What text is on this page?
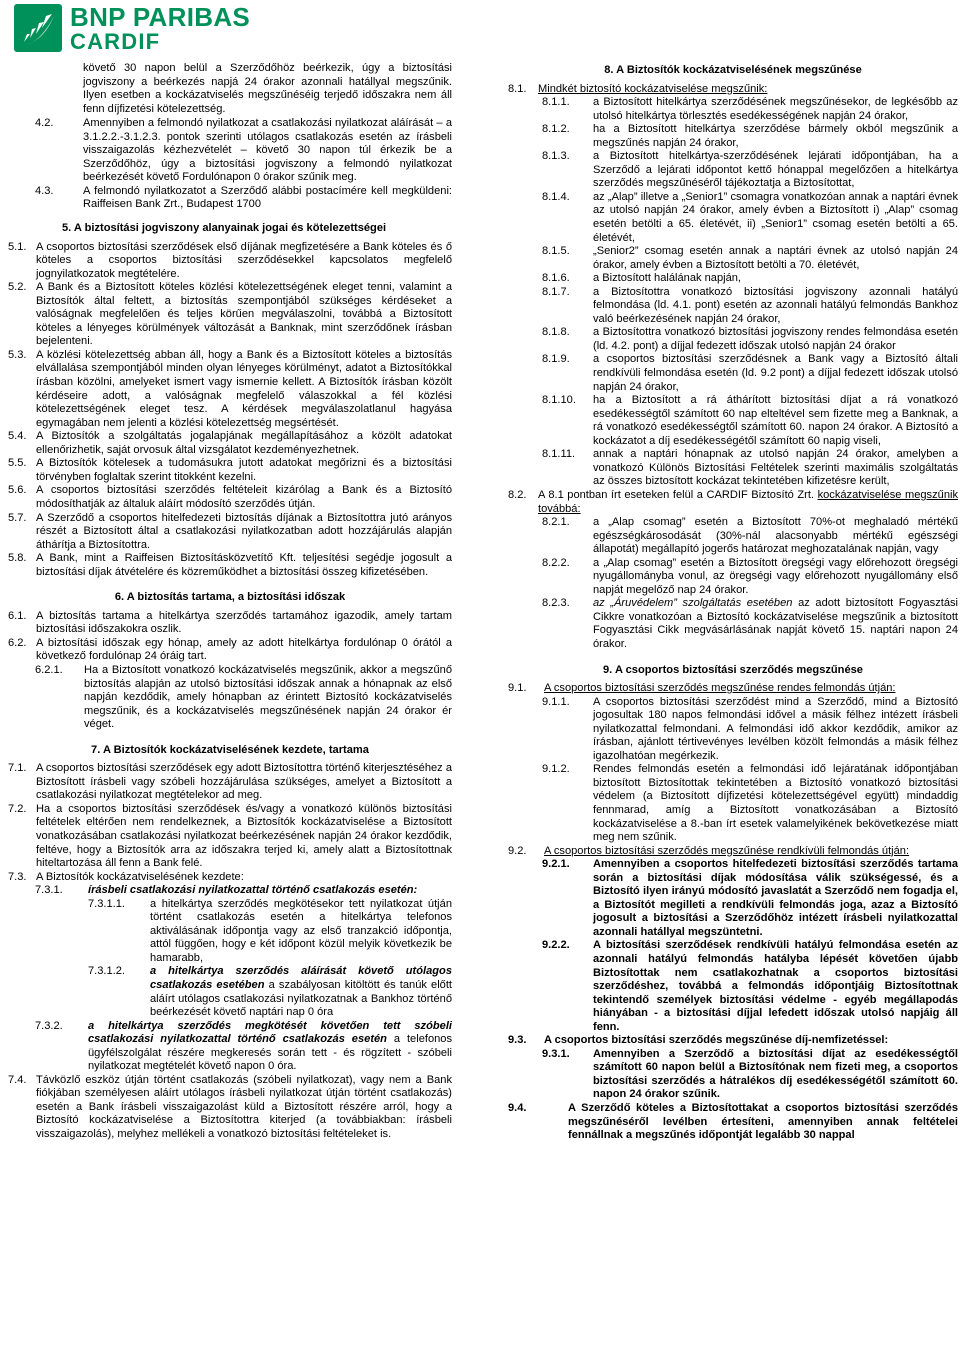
BNP PARIBAS
CARDIF

követő 30 napon belül a Szerződőhöz beérkezik, úgy a biztosítási jogviszony a beérkezés napjá 24 órakor azonnali hatállyal megszűnik. Ilyen esetben a kockázatviselés megszűnéséig terjedő időszakra nem áll fenn díjfizetési kötelezettség.

4.2.	Amennyiben a felmondó nyilatkozat a csatlakozási nyilatkozat aláírását – a 3.1.2.2.-3.1.2.3. pontok szerinti utólagos csatlakozás esetén az írásbeli visszaigazolás kézhezvételét – követő 30 napon túl érkezik be a Szerződőhöz, úgy a biztosítási jogviszony a felmondó nyilatkozat beérkezését követő Fordulónapon 0 órakor szűnik meg.
4.3.	A felmondó nyilatkozatot a Szerződő alábbi postacímére kell megküldeni: Raiffeisen Bank Zrt., Budapest 1700
5. A biztosítási jogviszony alanyainak jogai és kötelezettségei
5.1. A csoportos biztosítási szerződések első díjának megfizetésére a Bank köteles és ő köteles a csoportos biztosítási szerződésekkel kapcsolatos megfelelő jognyilatkozatok megtételére.
5.2. A Bank és a Biztosított köteles közlési kötelezettségének eleget tenni, valamint a Biztosítók által feltett, a biztosítás szempontjából szükséges kérdéseket a valóságnak megfelelően és teljes körűen megválaszolni, továbbá a Biztosított köteles a lényeges körülmények változását a Banknak, mint szerződőnek írásban bejelenteni.
5.3. A közlési kötelezettség abban áll, hogy a Bank és a Biztosított köteles a biztosítás elvállalása szempontjából minden olyan lényeges körülményt, adatot a Biztosítókkal írásban közölni, amelyeket ismert vagy ismernie kellett. A Biztosítók írásban közölt kérdéseire adott, a valóságnak megfelelő válaszokkal a fél közlési kötelezettségének eleget tesz. A kérdések megválaszolatlanul hagyása egymagában nem jelenti a közlési kötelezettség megsértését.
5.4. A Biztosítók a szolgáltatás jogalapjának megállapításához a közölt adatokat ellenőrizhetik, saját orvosuk által vizsgálatot kezdeményezhetnek.
5.5. A Biztosítók kötelesek a tudomásukra jutott adatokat megőrizni és a biztosítási törvényben foglaltak szerint titokként kezelni.
5.6. A csoportos biztosítási szerződés feltételeit kizárólag a Bank és a Biztosító módosíthatják az általuk aláírt módosító szerződés útján.
5.7. A Szerződő a csoportos hitelfedezeti biztosítás díjának a Biztosítottra jutó arányos részét a Biztosított által a csatlakozási nyilatkozatban adott hozzájárulás alapján áthárítja a Biztosítottra.
5.8. A Bank, mint a Raiffeisen Biztosításközvetítő Kft. teljesítési segédje jogosult a biztosítási díjak átvételére és közreműködhet a biztosítási összeg kifizetésében.
6. A biztosítás tartama, a biztosítási időszak
6.1. A biztosítás tartama a hitelkártya szerződés tartamához igazodik, amely tartam biztosítási időszakokra oszlik.
6.2. A biztosítási időszak egy hónap, amely az adott hitelkártya fordulónap 0 órától a következő fordulónap 24 óráig tart.
6.2.1. Ha a Biztosított vonatkozó kockázatviselés megszűnik, akkor a megszűnő biztosítás alapján az utolsó biztosítási időszak annak a hónapnak az első napján kezdődik, amely hónapban az érintett Biztosító kockázatviselés megszűnik, és a kockázatviselés megszűnésének napján 24 órakor ér véget.
7. A Biztosítók kockázatviselésének kezdete, tartama
7.1. A csoportos biztosítási szerződések egy adott Biztosítottra történő kiterjesztéséhez a Biztosított írásbeli vagy szóbeli hozzájárulása szükséges, amelyet a Biztosított a csatlakozási nyilatkozat megtételekor ad meg.
7.2. Ha a csoportos biztosítási szerződések és/vagy a vonatkozó különös biztosítási feltételek eltérően nem rendelkeznek, a Biztosítók kockázatviselése a Biztosított vonatkozásában csatlakozási nyilatkozat beérkezésének napján 24 órakor kezdődik, feltéve, hogy a Biztosítók arra az időszakra terjed ki, amely alatt a Biztosítottnak hiteltartozása áll fenn a Bank felé.
7.3. A Biztosítók kockázatviselésének kezdete:
7.3.1. írásbeli csatlakozási nyilatkozattal történő csatlakozás esetén:
7.3.1.1. a hitelkártya szerződés megkötésekor tett nyilatkozat útján történt csatlakozás esetén a hitelkártya telefonos aktiválásának időpontja vagy az első tranzakció időpontja, attól függően, hogy e két időpont közül melyik következik be hamarabb,
7.3.1.2. a hitelkártya szerződés aláírását követő utólagos csatlakozás esetében a szabályosan kitöltött és tanúk előtt aláírt utólagos csatlakozási nyilatkozatnak a Bankhoz történő beérkezését követő naptári nap 0 óra
7.3.2. a hitelkártya szerződés megkötését követően tett szóbeli csatlakozási nyilatkozattal történő csatlakozás esetén a telefonos ügyfélszolgálat részére megkeresés során tett - és rögzített - szóbeli nyilatkozat megtételét követő napon 0 óra.
7.4. Távközlő eszköz útján történt csatlakozás (szóbeli nyilatkozat), vagy nem a Bank fiókjában személyesen aláírt utólagos írásbeli nyilatkozat útján történt csatlakozás) esetén a Bank írásbeli visszaigazolást küld a Biztosított részére arról, hogy a Biztosító kockázatviselése a Biztosítottra kiterjed (a továbbiakban: írásbeli visszaigazolás), melyhez mellékeli a vonatkozó biztosítási feltételeket is.
8. A Biztosítók kockázatviselésének megszűnése
8.1. Mindkét biztosító kockázatviselése megszűnik:
8.1.1. a Biztosított hitelkártya szerződésének megszűnésekor, de legkésőbb az utolsó hitelkártya törlesztés esedékességének napján 24 órakor,
8.1.2. ha a Biztosított hitelkártya szerződése bármely okból megszűnik a megszűnés napján 24 órakor,
8.1.3. a Biztosított hitelkártya-szerződésének lejárati időpontjában, ha a Szerződő a lejárati időpontot kettő hónappal megelőzően a hitelkártya szerződés megszűnéséről tájékoztatja a Biztosítottat,
8.1.4. az „Alap” illetve a „Senior1” csomagra vonatkozóan annak a naptári évnek az utolsó napján 24 órakor, amely évben a Biztosított i) „Alap” csomag esetén betölti a 65. életévét, ii) „Senior1” csomag esetén betölti a 65. életévét,
8.1.5. „Senior2” csomag esetén annak a naptári évnek az utolsó napján 24 órakor, amely évben a Biztosított betölti a 70. életévét,
8.1.6. a Biztosított halálának napján,
8.1.7. a Biztosítottra vonatkozó biztosítási jogviszony azonnali hatályú felmondása (ld. 4.1. pont) esetén az azonnali hatályú felmondás Bankhoz való beérkezésének napján 24 órakor,
8.1.8. a Biztosítottra vonatkozó biztosítási jogviszony rendes felmondása esetén (ld. 4.2. pont) a díjjal fedezett időszak utolsó napján 24 órakor
8.1.9. a csoportos biztosítási szerződésnek a Bank vagy a Biztosító általi rendkívüli felmondása esetén (ld. 9.2 pont) a díjjal fedezett időszak utolsó napján 24 órakor,
8.1.10. ha a Biztosított a rá áthárított biztosítási díjat a rá vonatkozó esedékességtől számított 60 nap elteltével sem fizette meg a Banknak, a rá vonatkozó esedékességtől számított 60. napon 24 órakor. A Biztosító a kockázatot a díj esedékességétől számított 60 napig viseli,
8.1.11. annak a naptári hónapnak az utolsó napján 24 órakor, amelyben a vonatkozó Különös Biztosítási Feltételek szerinti maximális szolgáltatás az összes biztosított kockázat tekintetében kifizetésre került,
8.2. A 8.1 pontban írt eseteken felül a CARDIF Biztosító Zrt. kockázatviselése megszűnik továbbá:
8.2.1. a „Alap csomag” esetén a Biztosított 70%-ot meghaladó mértékű egészségkárosodását (30%-nál alacsonyabb mértékű egészségi állapotát) megállapító jogerős határozat meghozatalának napján, vagy
8.2.2. a „Alap csomag” esetén a Biztosított öregségi vagy előrehozott öregségi nyugállományba vonul, az öregségi vagy előrehozott nyugállomány első napját megelőző nap 24 órakor.
8.2.3. az „Áruvédelem” szolgáltatás esetében az adott biztosított Fogyasztási Cikkre vonatkozóan a Biztosító kockázatviselése megszűnik a biztosított Fogyasztási Cikk megvásárlásának napját követő 15. naptári napon 24 órakor.
9. A csoportos biztosítási szerződés megszűnése
9.1. A csoportos biztosítási szerződés megszűnése rendes felmondás útján:
9.1.1. A csoportos biztosítási szerződést mind a Szerződő, mind a Biztosító jogosultak 180 napos felmondási idővel a másik félhez intézett írásbeli nyilatkozattal felmondani. A felmondási idő akkor kezdődik, amikor az írásban, ajánlott tértivevényes levélben közölt felmondás a másik félhez igazolhatóan megérkezik.
9.1.2. Rendes felmondás esetén a felmondási idő lejáratának időpontjában biztosított Biztosítottak tekintetében a Biztosító vonatkozó biztosítási védelem (a Biztosított díjfizetési kötelezettségével együtt) mindaddig fennmarad, amíg a Biztosított vonatkozásában a Biztosító kockázatviselése a 8.-ban írt esetek valamelyikének bekövetkezése miatt meg nem szűnik.
9.2. A csoportos biztosítási szerződés megszűnése rendkívüli felmondás útján:
9.2.1. Amennyiben a csoportos hitelfedezeti biztosítási szerződés tartama során a biztosítási díjak módosítása válik szükségessé, és a Biztosító ilyen irányú módosító javaslatát a Szerződő nem fogadja el, a Biztosítót megilleti a rendkívüli felmondás joga, azaz a Biztosító jogosult a biztosítási a Szerződőhöz intézett írásbeli nyilatkozattal azonnali hatállyal megszüntetni.
9.2.2. A biztosítási szerződések rendkívüli hatályú felmondása esetén az azonnali hatályú felmondás hatályba lépését követően újabb Biztosítottak nem csatlakozhatnak a csoportos biztosítási szerződéshez, továbbá a felmondás időpontjáig Biztosítottnak tekintendő személyek biztosítási védelme - egyéb megállapodás hiányában - a biztosítási díjjal lefedett időszak utolsó napjáig áll fenn.
9.3. A csoportos biztosítási szerződés megszűnése díj-nemfizetéssel:
9.3.1. Amennyiben a Szerződő a biztosítási díjat az esedékességtől számított 60 napon belül a Biztosítónak nem fizeti meg, a csoportos biztosítási szerződés a hátralékos díj esedékességétől számított 60. napon 24 órakor szűnik.
9.4.	A Szerződő köteles a Biztosítottakat a csoportos biztosítási szerződés megszűnéséről levélben értesíteni, amennyiben annak feltételei fennállnak a megszűnés időpontját legalább 30 nappal
